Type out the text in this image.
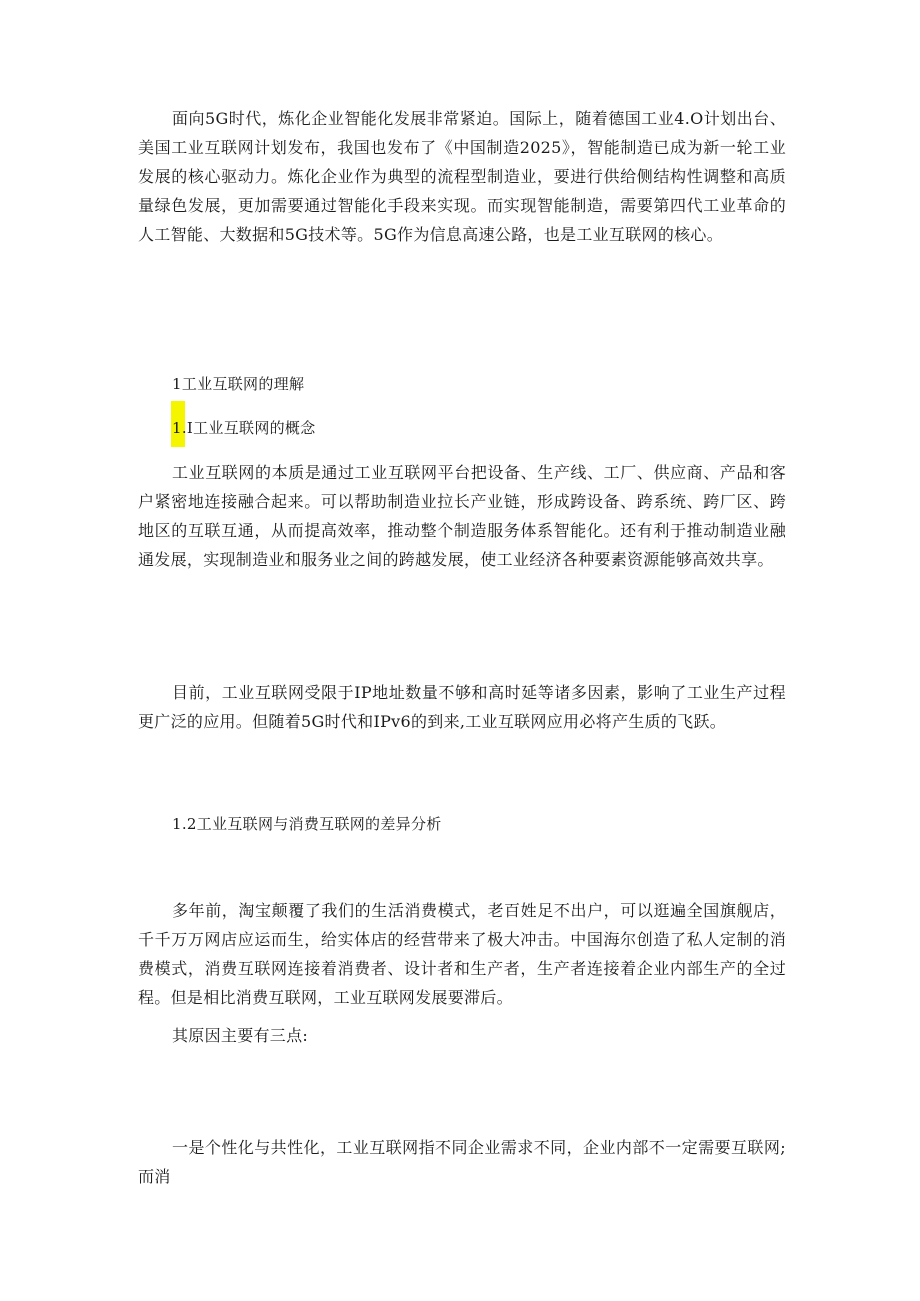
面向5G时代，炼化企业智能化发展非常紧迫。国际上，随着德国工业4.O计划出台、美国工业互联网计划发布，我国也发布了《中国制造2025》，智能制造已成为新一轮工业发展的核心驱动力。炼化企业作为典型的流程型制造业，要进行供给侧结构性调整和高质量绿色发展，更加需要通过智能化手段来实现。而实现智能制造，需要第四代工业革命的人工智能、大数据和5G技术等。5G作为信息高速公路，也是工业互联网的核心。

1工业互联网的理解

1.I工业互联网的概念

工业互联网的本质是通过工业互联网平台把设备、生产线、工厂、供应商、产品和客户紧密地连接融合起来。可以帮助制造业拉长产业链，形成跨设备、跨系统、跨厂区、跨地区的互联互通，从而提高效率，推动整个制造服务体系智能化。还有利于推动制造业融通发展，实现制造业和服务业之间的跨越发展，使工业经济各种要素资源能够高效共享。

目前，工业互联网受限于IP地址数量不够和高时延等诸多因素，影响了工业生产过程更广泛的应用。但随着5G时代和IPv6的到来,工业互联网应用必将产生质的飞跃。

1.2工业互联网与消费互联网的差异分析

多年前，淘宝颠覆了我们的生活消费模式，老百姓足不出户，可以逛遍全国旗舰店，千千万万网店应运而生，给实体店的经营带来了极大冲击。中国海尔创造了私人定制的消费模式，消费互联网连接着消费者、设计者和生产者，生产者连接着企业内部生产的全过程。但是相比消费互联网，工业互联网发展要滞后。

其原因主要有三点:

一是个性化与共性化，工业互联网指不同企业需求不同，企业内部不一定需要互联网;而消
